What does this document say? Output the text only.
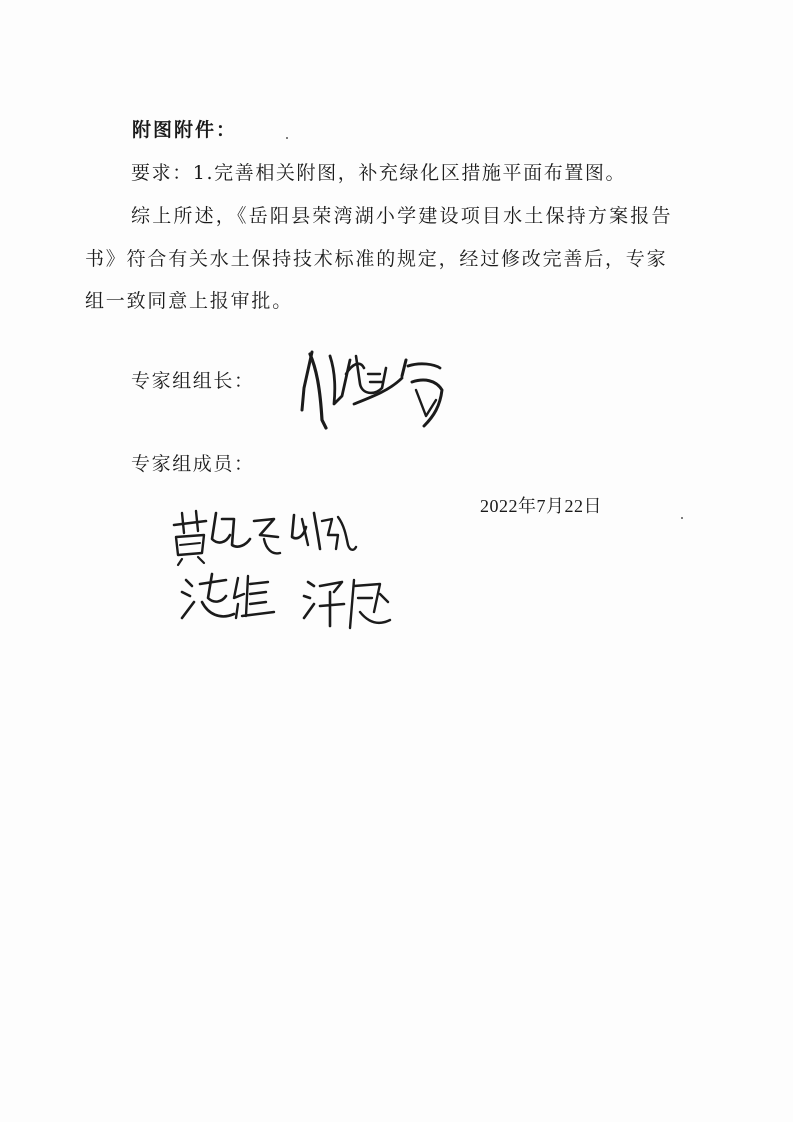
附图附件：
要求：1.完善相关附图，补充绿化区措施平面布置图。
综上所述，《岳阳县荣湾湖小学建设项目水土保持方案报告
书》符合有关水土保持技术标准的规定，经过修改完善后，专家
组一致同意上报审批。
专家组组长：
专家组成员：
2022年7月22日
